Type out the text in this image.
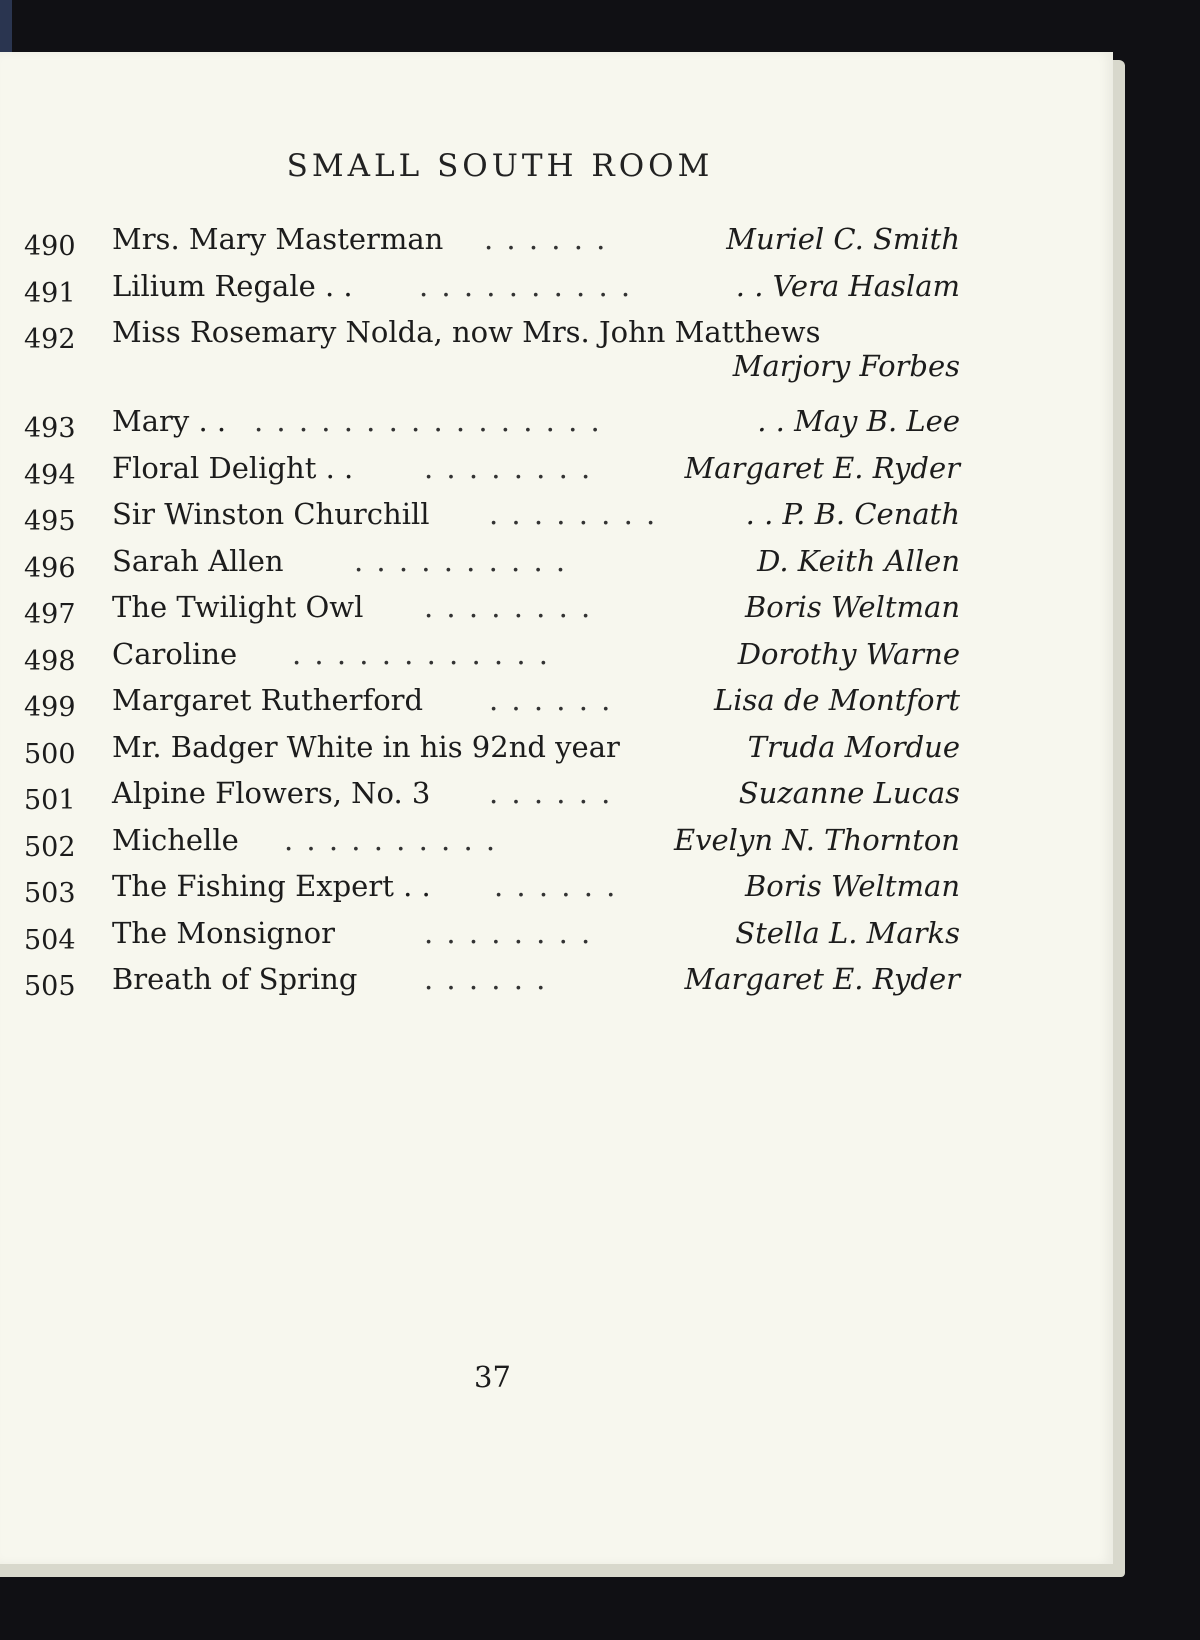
SMALL SOUTH ROOM
490 Mrs. Mary Masterman . . . . . .	Muriel C. Smith
491 Lilium Regale . . . . . . . . . . . .	. . Vera Haslam
492 Miss Rosemary Nolda, now Mrs. John Matthews
Marjory Forbes
493 Mary . . . . . . . . . . . . . . . . . .	. . May B. Lee
494 Floral Delight . . . . . . . . . .	Margaret E. Ryder
495 Sir Winston Churchill . . . . . . . .	. . P. B. Cenath
496 Sarah Allen . . . . . . . . . .	D. Keith Allen
497 The Twilight Owl . . . . . . . .	Boris Weltman
498 Caroline . . . . . . . . . . . .	Dorothy Warne
499 Margaret Rutherford . . . . . .	Lisa de Montfort
500 Mr. Badger White in his 92nd year	Truda Mordue
501 Alpine Flowers, No. 3 . . . . . .	Suzanne Lucas
502 Michelle . . . . . . . . . .	Evelyn N. Thornton
503 The Fishing Expert . . . . . . . .	Boris Weltman
504 The Monsignor	. . . . . . . .	Stella L. Marks
505 Breath of Spring . . . . . .	Margaret E. Ryder
37
